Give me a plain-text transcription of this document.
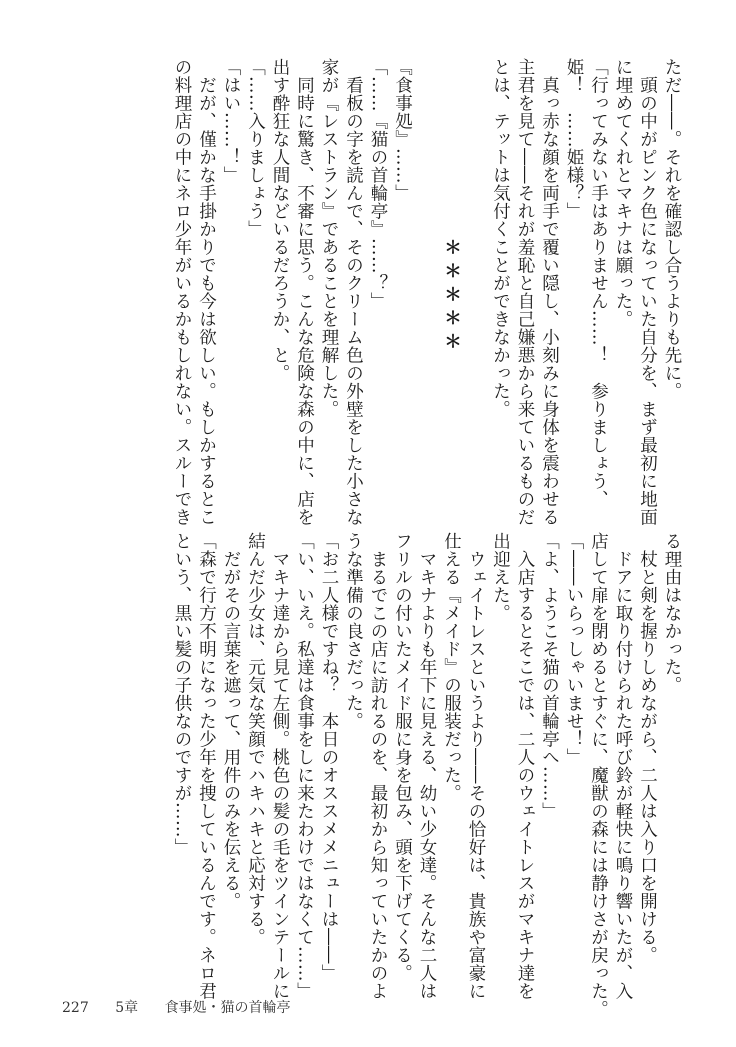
ただ――。それを確認し合うよりも先に。
　頭の中がピンク色になっていた自分を、まず最初に地面
に埋めてくれとマキナは願った。
「行ってみない手はありません……！　参りましょう、
姫！　……姫様？」
　真っ赤な顔を両手で覆い隠し、小刻みに身体を震わせる
主君を見て――それが羞恥と自己嫌悪から来ているものだ
とは、テットは気付くことができなかった。
＊＊＊＊＊
『食事処』……」
「……『猫の首輪亭』……？」
　看板の字を読んで、そのクリーム色の外壁をした小さな
家が『レストラン』であることを理解した。
　同時に驚き、不審に思う。こんな危険な森の中に、店を
出す酔狂な人間などいるだろうか、と。
「……入りましょう」
「はい……！」
　だが、僅かな手掛かりでも今は欲しい。もしかするとこ
の料理店の中にネロ少年がいるかもしれない。スルーでき
る理由はなかった。
　杖と剣を握りしめながら、二人は入り口を開ける。
　ドアに取り付けられた呼び鈴が軽快に鳴り響いたが、入
店して扉を閉めるとすぐに、魔獣の森には静けさが戻った。
「――いらっしゃいませ！」
「よ、ようこそ猫の首輪亭へ……」
　入店するとそこでは、二人のウェイトレスがマキナ達を
出迎えた。
　ウェイトレスというより――その恰好は、貴族や富豪に
仕える『メイド』の服装だった。
　マキナよりも年下に見える、幼い少女達。そんな二人は
フリルの付いたメイド服に身を包み、頭を下げてくる。
　まるでこの店に訪れるのを、最初から知っていたかのよ
うな準備の良さだった。
「お二人様ですね？　本日のオススメメニューは――」
「い、いえ。私達は食事をしに来たわけではなくて……」
　マキナ達から見て左側。桃色の髪の毛をツインテールに
結んだ少女は、元気な笑顔でハキハキと応対する。
　だがその言葉を遮って、用件のみを伝える。
「森で行方不明になった少年を捜しているんです。ネロ君
という、黒い髪の子供なのですが……」
227 5章 食事処・猫の首輪亭
